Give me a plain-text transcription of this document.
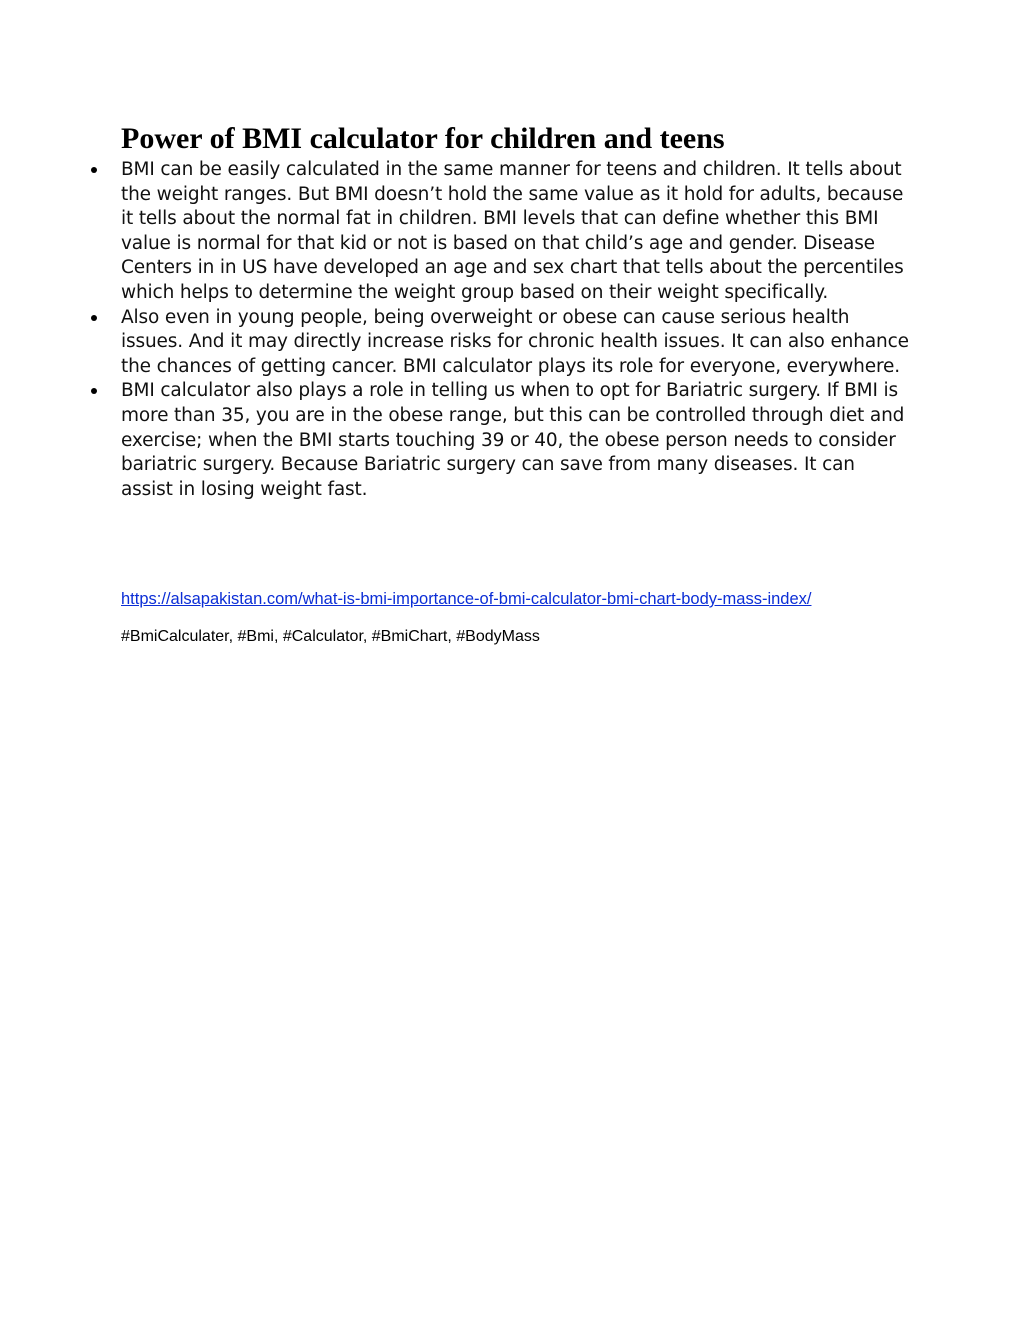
Power of BMI calculator for children and teens
BMI can be easily calculated in the same manner for teens and children. It tells about the weight ranges. But BMI doesn’t hold the same value as it hold for adults, because it tells about the normal fat in children. BMI levels that can define whether this BMI value is normal for that kid or not is based on that child’s age and gender. Disease Centers in in US have developed an age and sex chart that tells about the percentiles which helps to determine the weight group based on their weight specifically.
Also even in young people, being overweight or obese can cause serious health issues. And it may directly increase risks for chronic health issues. It can also enhance the chances of getting cancer. BMI calculator plays its role for everyone, everywhere.
BMI calculator also plays a role in telling us when to opt for Bariatric surgery. If BMI is more than 35, you are in the obese range, but this can be controlled through diet and exercise; when the BMI starts touching 39 or 40, the obese person needs to consider bariatric surgery. Because Bariatric surgery can save from many diseases. It can assist in losing weight fast.
https://alsapakistan.com/what-is-bmi-importance-of-bmi-calculator-bmi-chart-body-mass-index/
#BmiCalculater, #Bmi, #Calculator, #BmiChart, #BodyMass
